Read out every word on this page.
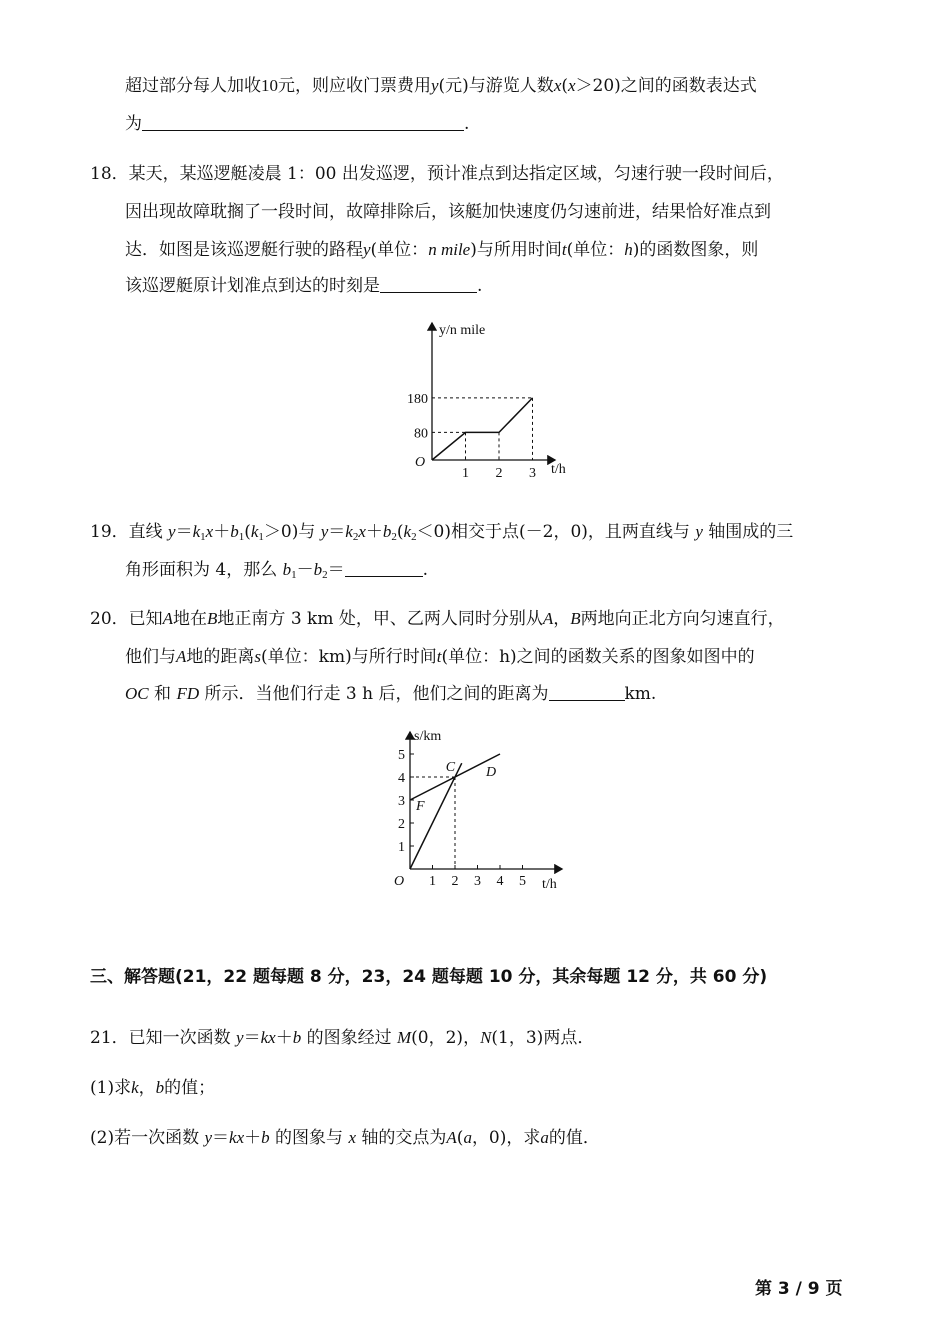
超过部分每人加收10元，则应收门票费用y(元)与游览人数x(x＞20)之间的函数表达式
为	.
18．某天，某巡逻艇凌晨 1：00 出发巡逻，预计准点到达指定区域，匀速行驶一段时间后，
因出现故障耽搁了一段时间，故障排除后，该艇加快速度仍匀速前进，结果恰好准点到
达．如图是该巡逻艇行驶的路程y(单位：n mile)与所用时间t(单位：h)的函数图象，则
该巡逻艇原计划准点到达的时刻是	.
80
180
1 2 3
O
y/n mile
t/h
19．直线 $y=k_1x+b_1(k_1>0)$与 $y=k_2x+b_2(k_2<0)$相交于点(－2，0)，且两直线与 y 轴围成的三
角形面积为 4，那么 $b_1-b_2=$	.
20．已知A地在B地正南方 3 km 处，甲、乙两人同时分别从A，B两地向正北方向匀速直行，
他们与A地的距离s(单位：km)与所行时间t(单位：h)之间的函数关系的图象如图中的
OC 和 FD 所示．当他们行走 3 h 后，他们之间的距离为	km.
1 2 3 4 5
1
2
3
4
5
O
s/km
t/h
C D
F
三、解答题(21，22 题每题 8 分，23，24 题每题 10 分，其余每题 12 分，共 60 分)
21．已知一次函数 y＝kx＋b 的图象经过 M(0，2)，N(1，3)两点．
(1)求k，b的值；
(2)若一次函数 y＝kx＋b 的图象与 x 轴的交点为A(a，0)，求a的值．
第 3 / 9 页
